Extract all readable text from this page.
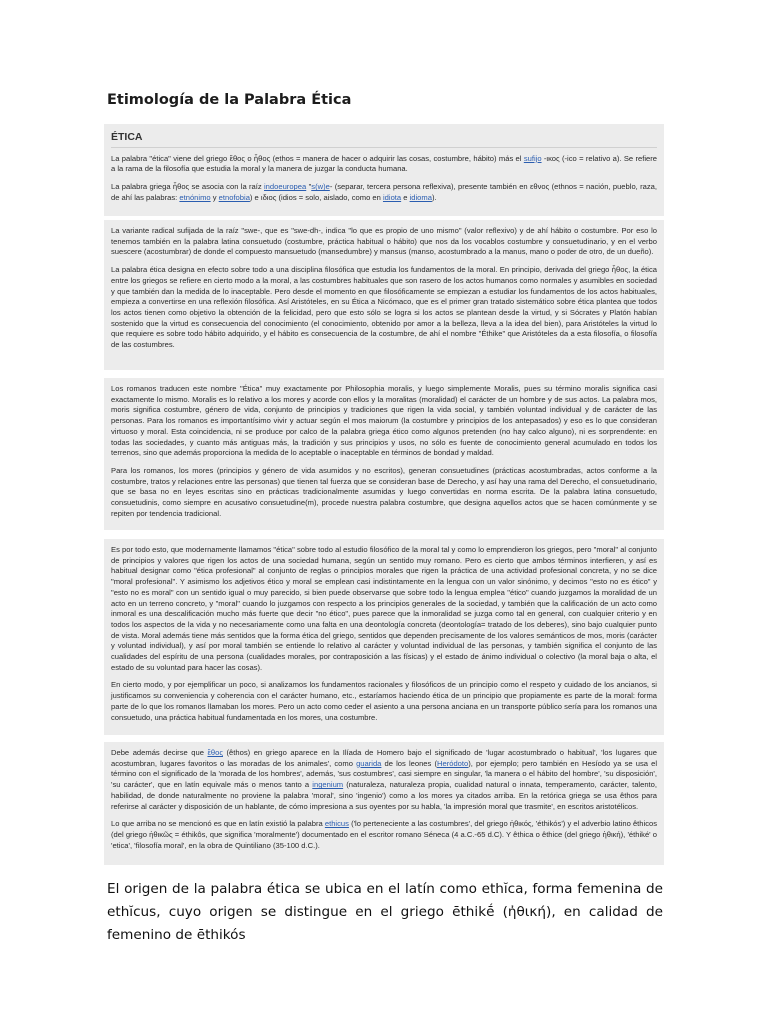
Etimología de la Palabra Ética
ÉTICA

La palabra "ética" viene del griego ἔθος o ἦθος (ethos = manera de hacer o adquirir las cosas, costumbre, hábito) más el sufijo -ικος (-ico = relativo a). Se refiere a la rama de la filosofía que estudia la moral y la manera de juzgar la conducta humana.

La palabra griega ἦθος se asocia con la raíz indoeuropea "s(w)e- (separar, tercera persona reflexiva), presente también en εθνος (ethnos = nación, pueblo, raza, de ahí las palabras: etnónimo y etnofobia) e ιδιος (idios = solo, aislado, como en idiota e idioma).

La variante radical sufijada de la raíz "swe-, que es "swe-dh-, indica "lo que es propio de uno mismo" (valor reflexivo) y de ahí hábito o costumbre. Por eso lo tenemos también en la palabra latina consuetudo (costumbre, práctica habitual o hábito) que nos da los vocablos costumbre y consuetudinario, y en el verbo suescere (acostumbrar) de donde el compuesto mansuetudo (mansedumbre) y mansus (manso, acostumbrado a la manus, mano o poder de otro, de un dueño).

La palabra ética designa en efecto sobre todo a una disciplina filosófica que estudia los fundamentos de la moral. En principio, derivada del griego ἦθος, la ética entre los griegos se refiere en cierto modo a la moral, a las costumbres habituales que son rasero de los actos humanos como normales y asumibles en sociedad y que también dan la medida de lo inaceptable. Pero desde el momento en que filosóficamente se empiezan a estudiar los fundamentos de los actos habituales, empieza a convertirse en una reflexión filosófica. Así Aristóteles, en su Ética a Nicómaco, que es el primer gran tratado sistemático sobre ética plantea que todos los actos tienen como objetivo la obtención de la felicidad, pero que esto sólo se logra si los actos se plantean desde la virtud, y si Sócrates y Platón habían sostenido que la virtud es consecuencia del conocimiento (el conocimiento, obtenido por amor a la belleza, lleva a la idea del bien), para Aristóteles la virtud lo que requiere es sobre todo hábito adquirido, y el hábito es consecuencia de la costumbre, de ahí el nombre "Éthike" que Aristóteles da a esta filosofía, o filosofía de las costumbres.

Los romanos traducen este nombre "Ética" muy exactamente por Philosophia moralis, y luego simplemente Moralis, pues su término moralis significa casi exactamente lo mismo. Moralis es lo relativo a los mores y acorde con ellos y la moralitas (moralidad) el carácter de un hombre y de sus actos. La palabra mos, moris significa costumbre, género de vida, conjunto de principios y tradiciones que rigen la vida social, y también voluntad individual y de carácter de las personas. Para los romanos es importantísimo vivir y actuar según el mos maiorum (la costumbre y principios de los antepasados) y eso es lo que consideran virtuoso y moral. Esta coincidencia, ni se produce por calco de la palabra griega ético como algunos pretenden (no hay calco alguno), ni es sorprendente: en todas las sociedades, y cuanto más antiguas más, la tradición y sus principios y usos, no sólo es fuente de conocimiento general acumulado en todos los terrenos, sino que además proporciona la medida de lo aceptable o inaceptable en términos de bondad y maldad.

Para los romanos, los mores (principios y género de vida asumidos y no escritos), generan consuetudines (prácticas acostumbradas, actos conforme a la costumbre, tratos y relaciones entre las personas) que tienen tal fuerza que se consideran base de Derecho, y así hay una rama del Derecho, el consuetudinario, que se basa no en leyes escritas sino en prácticas tradicionalmente asumidas y luego convertidas en norma escrita. De la palabra latina consuetudo, consuetudinis, como siempre en acusativo consuetudine(m), procede nuestra palabra costumbre, que designa aquellos actos que se hacen comúnmente y se repiten por tendencia tradicional.

Es por todo esto, que modernamente llamamos "ética" sobre todo al estudio filosófico de la moral tal y como lo emprendieron los griegos, pero "moral" al conjunto de principios y valores que rigen los actos de una sociedad humana, según un sentido muy romano. Pero es cierto que ambos términos interfieren, y así es habitual designar como "ética profesional" al conjunto de reglas o principios morales que rigen la práctica de una actividad profesional concreta, y no se dice "moral profesional". Y asimismo los adjetivos ético y moral se emplean casi indistintamente en la lengua con un valor sinónimo, y decimos "esto no es ético" y "esto no es moral" con un sentido igual o muy parecido, si bien puede observarse que sobre todo la lengua emplea "ético" cuando juzgamos la moralidad de un acto en un terreno concreto, y "moral" cuando lo juzgamos con respecto a los principios generales de la sociedad, y también que la calificación de un acto como inmoral es una descalificación mucho más fuerte que decir "no ético", pues parece que la inmoralidad se juzga como tal en general, con cualquier criterio y en todos los aspectos de la vida y no necesariamente como una falta en una deontología concreta (deontología= tratado de los deberes), sino bajo cualquier punto de vista. Moral además tiene más sentidos que la forma ética del griego, sentidos que dependen precisamente de los valores semánticos de mos, moris (carácter y voluntad individual), y así por moral también se entiende lo relativo al carácter y voluntad individual de las personas, y también significa el conjunto de las cualidades del espíritu de una persona (cualidades morales, por contraposición a las físicas) y el estado de ánimo individual o colectivo (la moral baja o alta, el estado de su voluntad para hacer las cosas).

En cierto modo, y por ejemplificar un poco, si analizamos los fundamentos racionales y filosóficos de un principio como el respeto y cuidado de los ancianos, si justificamos su conveniencia y coherencia con el carácter humano, etc., estaríamos haciendo ética de un principio que propiamente es parte de la moral: forma parte de lo que los romanos llamaban los mores. Pero un acto como ceder el asiento a una persona anciana en un transporte público sería para los romanos una consuetudo, una práctica habitual fundamentada en los mores, una costumbre.

Debe además decirse que ἔθος (êthos) en griego aparece en la Ilíada de Homero bajo el significado de 'lugar acostumbrado o habitual', 'los lugares que acostumbran, lugares favoritos o las moradas de los animales', como guarida de los leones (Heródoto), por ejemplo; pero también en Hesíodo ya se usa el término con el significado de la 'morada de los hombres', además, 'sus costumbres', casi siempre en singular, 'la manera o el hábito del hombre', 'su disposición', 'su carácter', que en latín equivale más o menos tanto a ingenium (naturaleza, naturaleza propia, cualidad natural o innata, temperamento, carácter, talento, habilidad, de donde naturalmente no proviene la palabra 'moral', sino 'ingenio') como a los mores ya citados arriba. En la retórica griega se usa êthos para referirse al carácter y disposición de un hablante, de cómo impresiona a sus oyentes por su habla, 'la impresión moral que trasmite', en escritos aristotélicos.

Lo que arriba no se mencionó es que en latín existió la palabra ethicus ('lo perteneciente a las costumbres', del griego ἠθικός, 'éthikós') y el adverbio latino êthicos (del griego ἠθικῶς = éthikôs, que significa 'moralmente') documentado en el escritor romano Séneca (4 a.C.-65 d.C). Y êthica o êthice (del griego ἠθική), 'éthiké' o 'etica', 'filosofía moral', en la obra de Quintiliano (35-100 d.C.).

El origen de la palabra ética se ubica en el latín como ethĭca, forma femenina de ethĭcus, cuyo origen se distingue en el griego ēthikḗ (ἠθική), en calidad de femenino de ēthikós
